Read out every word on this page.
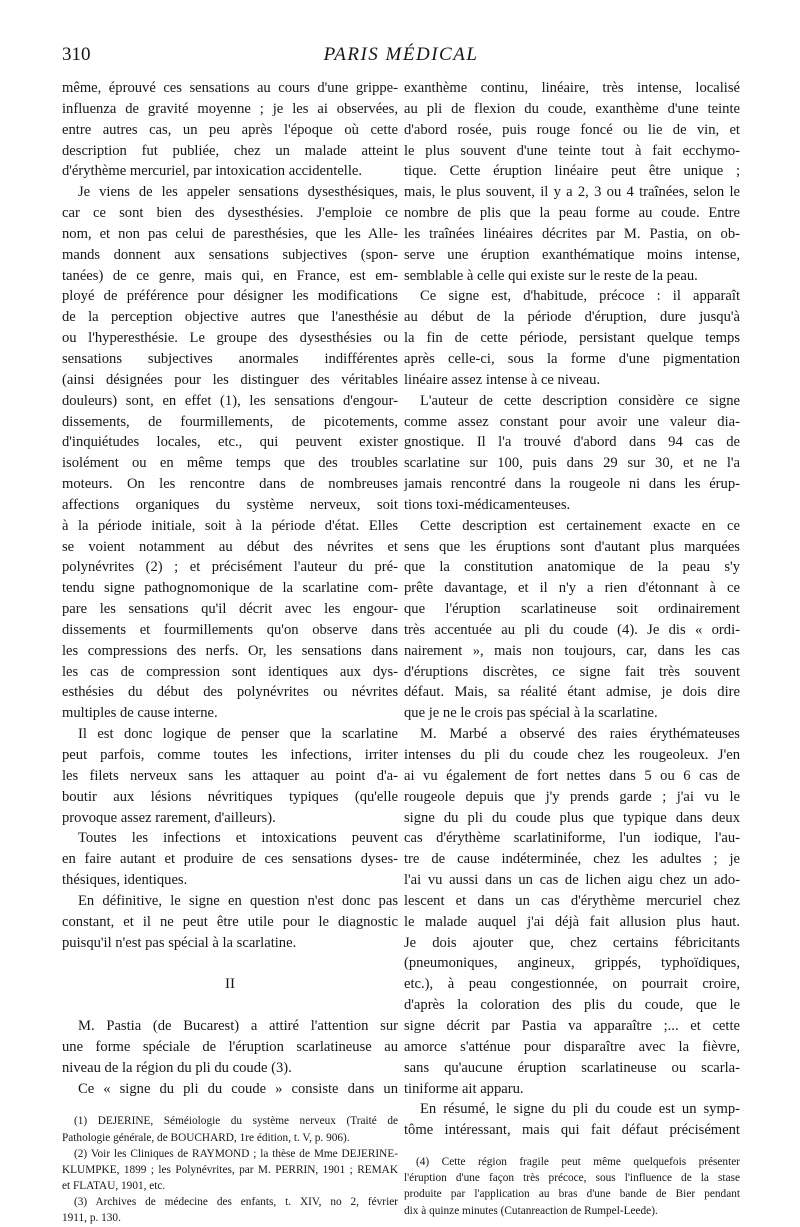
310	PARIS MÉDICAL
même, éprouvé ces sensations au cours d'une grippe-
influenza de gravité moyenne ; je les ai observées,
entre autres cas, un peu après l'époque où cette
description fut publiée, chez un malade atteint
d'érythème mercuriel, par intoxication accidentelle.
Je viens de les appeler sensations dysesthésiques,
car ce sont bien des dysesthésies. J'emploie ce
nom, et non pas celui de paresthésies, que les Alle-
mands donnent aux sensations subjectives (spon-
tanées) de ce genre, mais qui, en France, est em-
ployé de préférence pour désigner les modifications
de la perception objective autres que l'anesthésie
ou l'hyperesthésie. Le groupe des dysesthésies ou
sensations subjectives anormales indifférentes
(ainsi désignées pour les distinguer des véritables
douleurs) sont, en effet (1), les sensations d'engour-
dissements, de fourmillements, de picotements,
d'inquiétudes locales, etc., qui peuvent exister
isolément ou en même temps que des troubles
moteurs. On les rencontre dans de nombreuses
affections organiques du système nerveux, soit
à la période initiale, soit à la période d'état. Elles
se voient notamment au début des névrites et
polynévrites (2) ; et précisément l'auteur du pré-
tendu signe pathognomonique de la scarlatine com-
pare les sensations qu'il décrit avec les engour-
dissements et fourmillements qu'on observe dans
les compressions des nerfs. Or, les sensations dans
les cas de compression sont identiques aux dys-
esthésies du début des polynévrites ou névrites
multiples de cause interne.
Il est donc logique de penser que la scarlatine
peut parfois, comme toutes les infections, irriter
les filets nerveux sans les attaquer au point d'a-
boutir aux lésions névritiques typiques (qu'elle
provoque assez rarement, d'ailleurs).
Toutes les infections et intoxications peuvent
en faire autant et produire de ces sensations dyses-
thésiques, identiques.
En définitive, le signe en question n'est donc pas
constant, et il ne peut être utile pour le diagnostic
puisqu'il n'est pas spécial à la scarlatine.
II
M. Pastia (de Bucarest) a attiré l'attention sur
une forme spéciale de l'éruption scarlatineuse au
niveau de la région du pli du coude (3).
Ce « signe du pli du coude » consiste dans un
(1) DEJERINE, Séméiologie du système nerveux (Traité de
Pathologie générale, de BOUCHARD, 1re édition, t. V, p. 906).
(2) Voir les Cliniques de RAYMOND ; la thèse de Mme DEJERINE-
KLUMPKE, 1899 ; les Polynévrites, par M. PERRIN, 1901 ; REMAK
et FLATAU, 1901, etc.
(3) Archives de médecine des enfants, t. XIV, no 2, février
1911, p. 130.
exanthème continu, linéaire, très intense, localisé
au pli de flexion du coude, exanthème d'une teinte
d'abord rosée, puis rouge foncé ou lie de vin, et
le plus souvent d'une teinte tout à fait ecchymo-
tique. Cette éruption linéaire peut être unique ;
mais, le plus souvent, il y a 2, 3 ou 4 traînées, selon le
nombre de plis que la peau forme au coude. Entre
les traînées linéaires décrites par M. Pastia, on ob-
serve une éruption exanthématique moins intense,
semblable à celle qui existe sur le reste de la peau.
Ce signe est, d'habitude, précoce : il apparaît
au début de la période d'éruption, dure jusqu'à
la fin de cette période, persistant quelque temps
après celle-ci, sous la forme d'une pigmentation
linéaire assez intense à ce niveau.
L'auteur de cette description considère ce signe
comme assez constant pour avoir une valeur dia-
gnostique. Il l'a trouvé d'abord dans 94 cas de
scarlatine sur 100, puis dans 29 sur 30, et ne l'a
jamais rencontré dans la rougeole ni dans les érup-
tions toxi-médicamenteuses.
Cette description est certainement exacte en ce
sens que les éruptions sont d'autant plus marquées
que la constitution anatomique de la peau s'y
prête davantage, et il n'y a rien d'étonnant à ce
que l'éruption scarlatineuse soit ordinairement
très accentuée au pli du coude (4). Je dis « ordi-
nairement », mais non toujours, car, dans les cas
d'éruptions discrètes, ce signe fait très souvent
défaut. Mais, sa réalité étant admise, je dois dire
que je ne le crois pas spécial à la scarlatine.
M. Marbé a observé des raies érythémateuses
intenses du pli du coude chez les rougeoleux. J'en
ai vu également de fort nettes dans 5 ou 6 cas de
rougeole depuis que j'y prends garde ; j'ai vu le
signe du pli du coude plus que typique dans deux
cas d'érythème scarlatiniforme, l'un iodique, l'au-
tre de cause indéterminée, chez les adultes ; je
l'ai vu aussi dans un cas de lichen aigu chez un ado-
lescent et dans un cas d'érythème mercuriel chez
le malade auquel j'ai déjà fait allusion plus haut.
Je dois ajouter que, chez certains fébricitants
(pneumoniques, angineux, grippés, typhoïdiques,
etc.), à peau congestionnée, on pourrait croire,
d'après la coloration des plis du coude, que le
signe décrit par Pastia va apparaître ;... et cette
amorce s'atténue pour disparaître avec la fièvre,
sans qu'aucune éruption scarlatineuse ou scarla-
tiniforme ait apparu.
En résumé, le signe du pli du coude est un symp-
tôme intéressant, mais qui fait défaut précisément
(4) Cette région fragile peut même quelquefois présenter
l'éruption d'une façon très précoce, sous l'influence de la stase
produite par l'application au bras d'une bande de Bier pendant
dix à quinze minutes (Cutanreaction de Rumpel-Leede).
